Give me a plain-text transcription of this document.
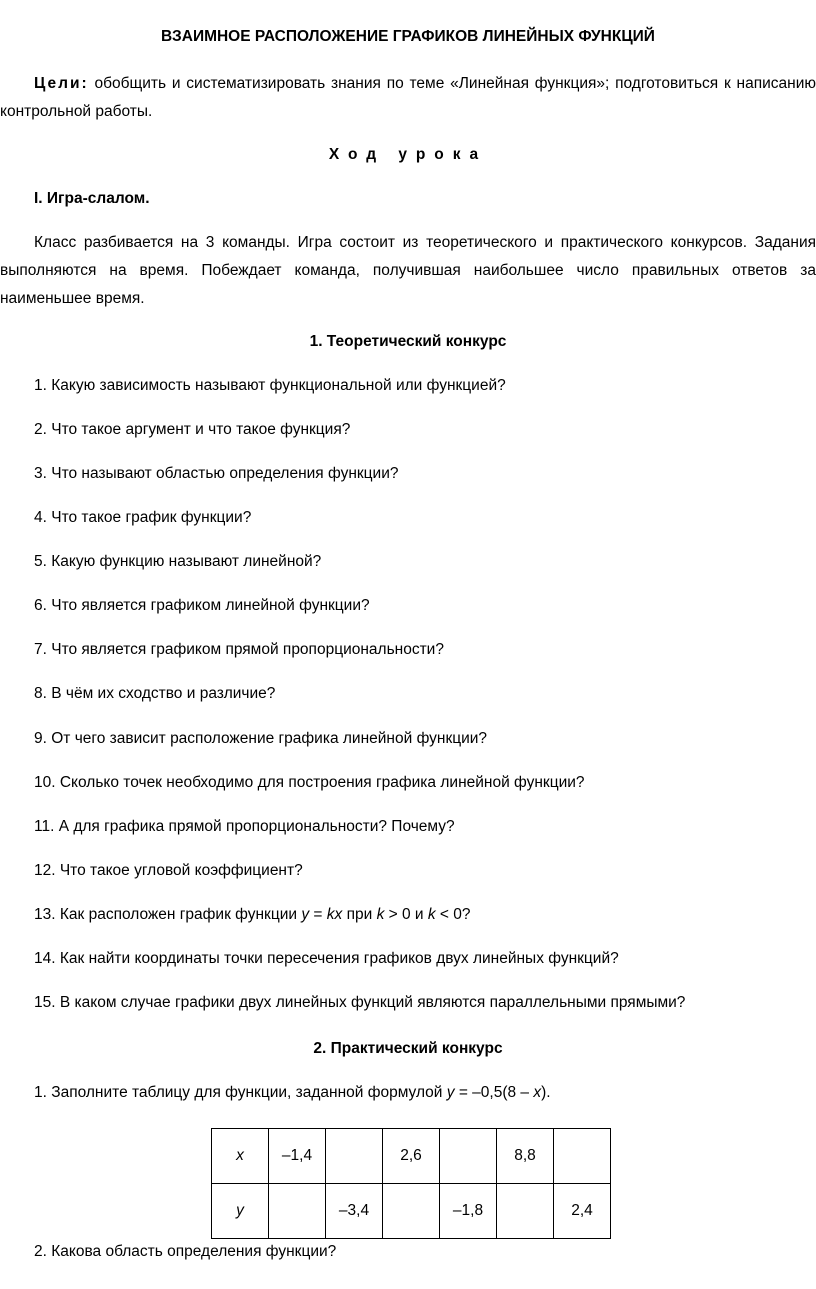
ВЗАИМНОЕ РАСПОЛОЖЕНИЕ ГРАФИКОВ ЛИНЕЙНЫХ ФУНКЦИЙ

Цели: обобщить и систематизировать знания по теме «Линейная функция»; подготовиться к написанию контрольной работы.

Ход урока

I. Игра-слалом.

Класс разбивается на 3 команды. Игра состоит из теоретического и практического конкурсов. Задания выполняются на время. Побеждает команда, получившая наибольшее число правильных ответов за наименьшее время.

1. Теоретический конкурс

1. Какую зависимость называют функциональной или функцией?

2. Что такое аргумент и что такое функция?

3. Что называют областью определения функции?

4. Что такое график функции?

5. Какую функцию называют линейной?

6. Что является графиком линейной функции?

7. Что является графиком прямой пропорциональности?

8. В чём их сходство и различие?

9. От чего зависит расположение графика линейной функции?

10. Сколько точек необходимо для построения графика линейной функции?

11. А для графика прямой пропорциональности? Почему?

12. Что такое угловой коэффициент?

13. Как расположен график функции y = kx при k > 0 и k < 0?

14. Как найти координаты точки пересечения графиков двух линейных функций?

15. В каком случае графики двух линейных функций являются параллельными прямыми?

2. Практический конкурс

1. Заполните таблицу для функции, заданной формулой y = –0,5(8 – x).

x	–1,4		2,6		8,8	
y		–3,4		–1,8		2,4

2. Какова область определения функции?
